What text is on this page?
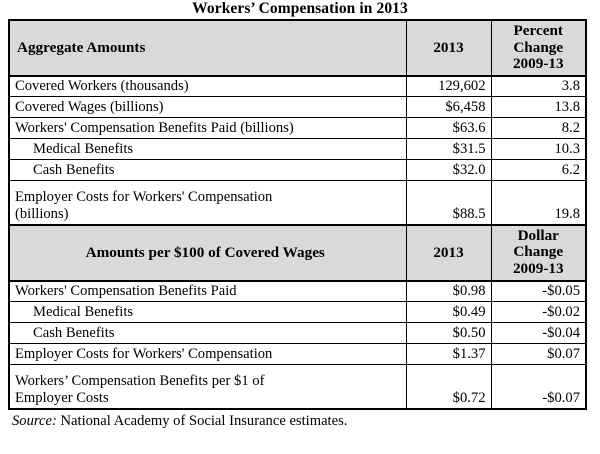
Workers’ Compensation in 2013
Aggregate Amounts	2013	Percent
Change
2009-13

Covered Workers (thousands)	129,602	3.8
Covered Wages (billions)	$6,458	13.8
Workers' Compensation Benefits Paid (billions)	$63.6	8.2
Medical Benefits	$31.5	10.3
Cash Benefits	$32.0	6.2

Employer Costs for Workers' Compensation
(billions)	$88.5	19.8
Amounts per $100 of Covered Wages	2013	Dollar
Change
2009-13

Workers' Compensation Benefits Paid	$0.98	-$0.05
Medical Benefits	$0.49	-$0.02
Cash Benefits	$0.50	-$0.04
Employer Costs for Workers' Compensation	$1.37	$0.07

Workers’ Compensation Benefits per $1 of
Employer Costs	$0.72	-$0.07
Source: National Academy of Social Insurance estimates.
